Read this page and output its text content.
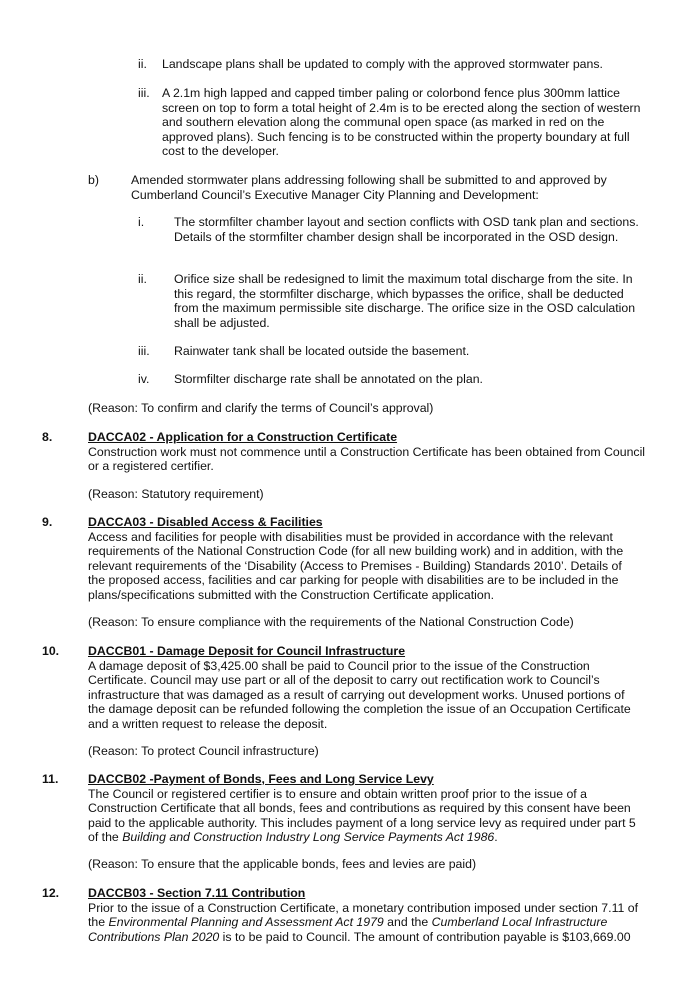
ii. Landscape plans shall be updated to comply with the approved stormwater pans.
iii. A 2.1m high lapped and capped timber paling or colorbond fence plus 300mm lattice screen on top to form a total height of 2.4m is to be erected along the section of western and southern elevation along the communal open space (as marked in red on the approved plans). Such fencing is to be constructed within the property boundary at full cost to the developer.
b)	Amended stormwater plans addressing following shall be submitted to and approved by Cumberland Council’s Executive Manager City Planning and Development:
i. The stormfilter chamber layout and section conflicts with OSD tank plan and sections. Details of the stormfilter chamber design shall be incorporated in the OSD design.
ii. Orifice size shall be redesigned to limit the maximum total discharge from the site. In this regard, the stormfilter discharge, which bypasses the orifice, shall be deducted from the maximum permissible site discharge. The orifice size in the OSD calculation shall be adjusted.
iii. Rainwater tank shall be located outside the basement.
iv. Stormfilter discharge rate shall be annotated on the plan.
(Reason: To confirm and clarify the terms of Council’s approval)
8.	DACCA02 - Application for a Construction Certificate

Construction work must not commence until a Construction Certificate has been obtained from Council or a registered certifier.

(Reason: Statutory requirement)
9.	DACCA03 - Disabled Access & Facilities

Access and facilities for people with disabilities must be provided in accordance with the relevant requirements of the National Construction Code (for all new building work) and in addition, with the relevant requirements of the ‘Disability (Access to Premises - Building) Standards 2010’. Details of the proposed access, facilities and car parking for people with disabilities are to be included in the plans/specifications submitted with the Construction Certificate application.

(Reason: To ensure compliance with the requirements of the National Construction Code)
10. DACCB01 - Damage Deposit for Council Infrastructure

A damage deposit of $3,425.00 shall be paid to Council prior to the issue of the Construction Certificate. Council may use part or all of the deposit to carry out rectification work to Council’s infrastructure that was damaged as a result of carrying out development works. Unused portions of the damage deposit can be refunded following the completion the issue of an Occupation Certificate and a written request to release the deposit.

(Reason: To protect Council infrastructure)
11. DACCB02 -Payment of Bonds, Fees and Long Service Levy

The Council or registered certifier is to ensure and obtain written proof prior to the issue of a Construction Certificate that all bonds, fees and contributions as required by this consent have been paid to the applicable authority. This includes payment of a long service levy as required under part 5 of the Building and Construction Industry Long Service Payments Act 1986.

(Reason: To ensure that the applicable bonds, fees and levies are paid)
12. DACCB03 - Section 7.11 Contribution

Prior to the issue of a Construction Certificate, a monetary contribution imposed under section 7.11 of the Environmental Planning and Assessment Act 1979 and the Cumberland Local Infrastructure Contributions Plan 2020 is to be paid to Council. The amount of contribution payable is $103,669.00
